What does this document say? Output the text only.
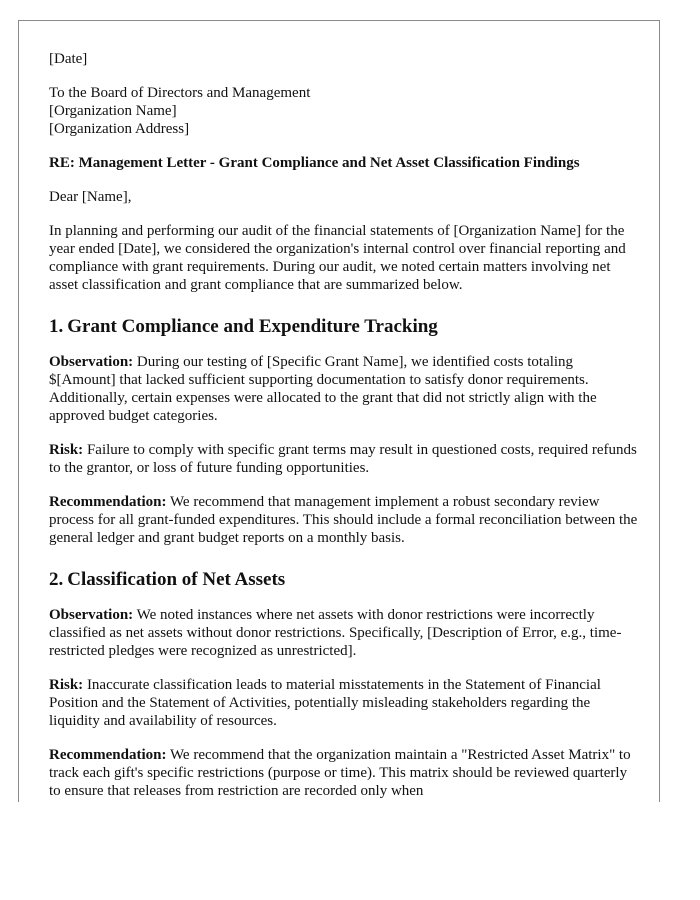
[Date]

To the Board of Directors and Management
[Organization Name]
[Organization Address]

RE: Management Letter - Grant Compliance and Net Asset Classification Findings

Dear [Name],

In planning and performing our audit of the financial statements of [Organization Name] for the year ended [Date], we considered the organization's internal control over financial reporting and compliance with grant requirements. During our audit, we noted certain matters involving net asset classification and grant compliance that are summarized below.

1. Grant Compliance and Expenditure Tracking

Observation: During our testing of [Specific Grant Name], we identified costs totaling $[Amount] that lacked sufficient supporting documentation to satisfy donor requirements. Additionally, certain expenses were allocated to the grant that did not strictly align with the approved budget categories.

Risk: Failure to comply with specific grant terms may result in questioned costs, required refunds to the grantor, or loss of future funding opportunities.

Recommendation: We recommend that management implement a robust secondary review process for all grant-funded expenditures. This should include a formal reconciliation between the general ledger and grant budget reports on a monthly basis.

2. Classification of Net Assets

Observation: We noted instances where net assets with donor restrictions were incorrectly classified as net assets without donor restrictions. Specifically, [Description of Error, e.g., time-restricted pledges were recognized as unrestricted].

Risk: Inaccurate classification leads to material misstatements in the Statement of Financial Position and the Statement of Activities, potentially misleading stakeholders regarding the liquidity and availability of resources.

Recommendation: We recommend that the organization maintain a "Restricted Asset Matrix" to track each gift's specific restrictions (purpose or time). This matrix should be reviewed quarterly to ensure that releases from restriction are recorded only when
